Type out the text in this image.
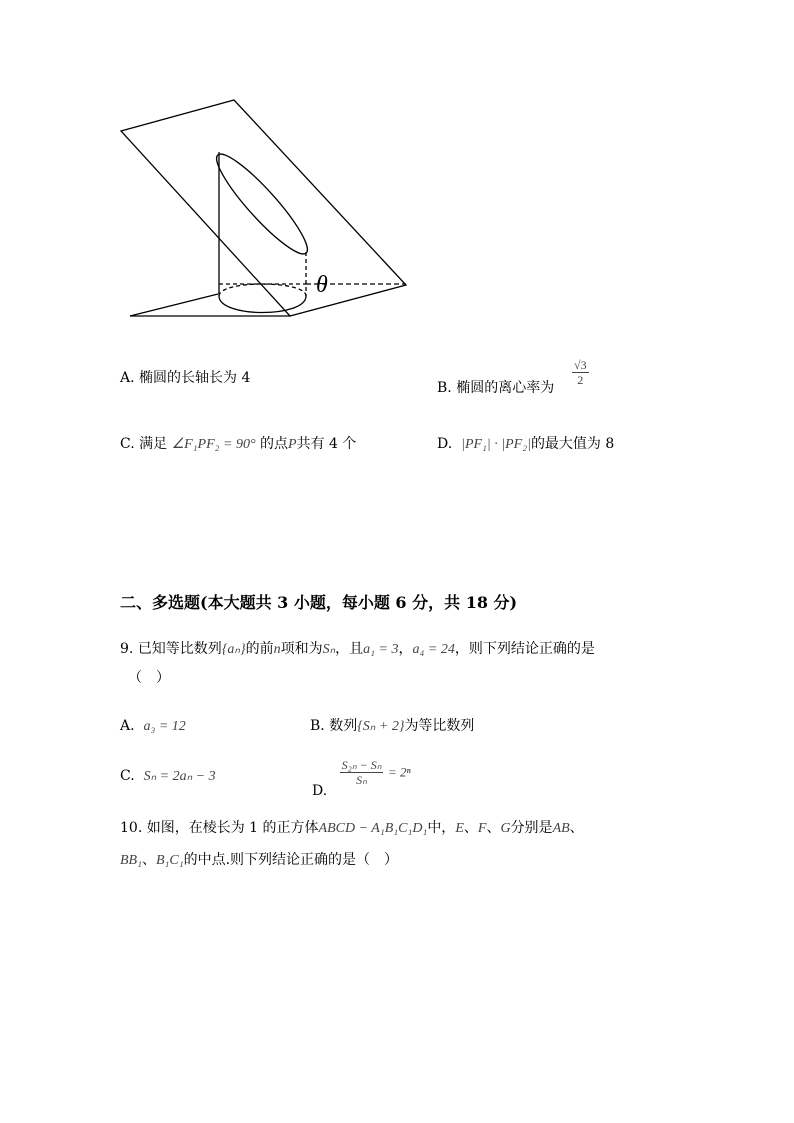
θ
A. 椭圆的长轴长为 4
B. 椭圆的离心率为
$\frac{√3}{2}$
C. 满足 ∠F₁PF₂ = 90° 的点P共有 4 个	D. |PF₁| · |PF₂|的最大值为 8
二、多选题(本大题共 3 小题，每小题 6 分，共 18 分)
9. 已知等比数列{aₙ}的前n项和为Sₙ，且a₁ = 3，a₄ = 24，则下列结论正确的是
（　）
A. a₃ = 12	B. 数列{Sₙ + 2}为等比数列
C. Sₙ = 2aₙ − 3
D.
$\frac{\text{S₂ₙ − Sₙ}}{\text{Sₙ}} = 2^n$
10. 如图，在棱长为 1 的正方体ABCD − A₁B₁C₁D₁中，E、F、G分别是AB、
BB₁、B₁C₁的中点.则下列结论正确的是（　）
